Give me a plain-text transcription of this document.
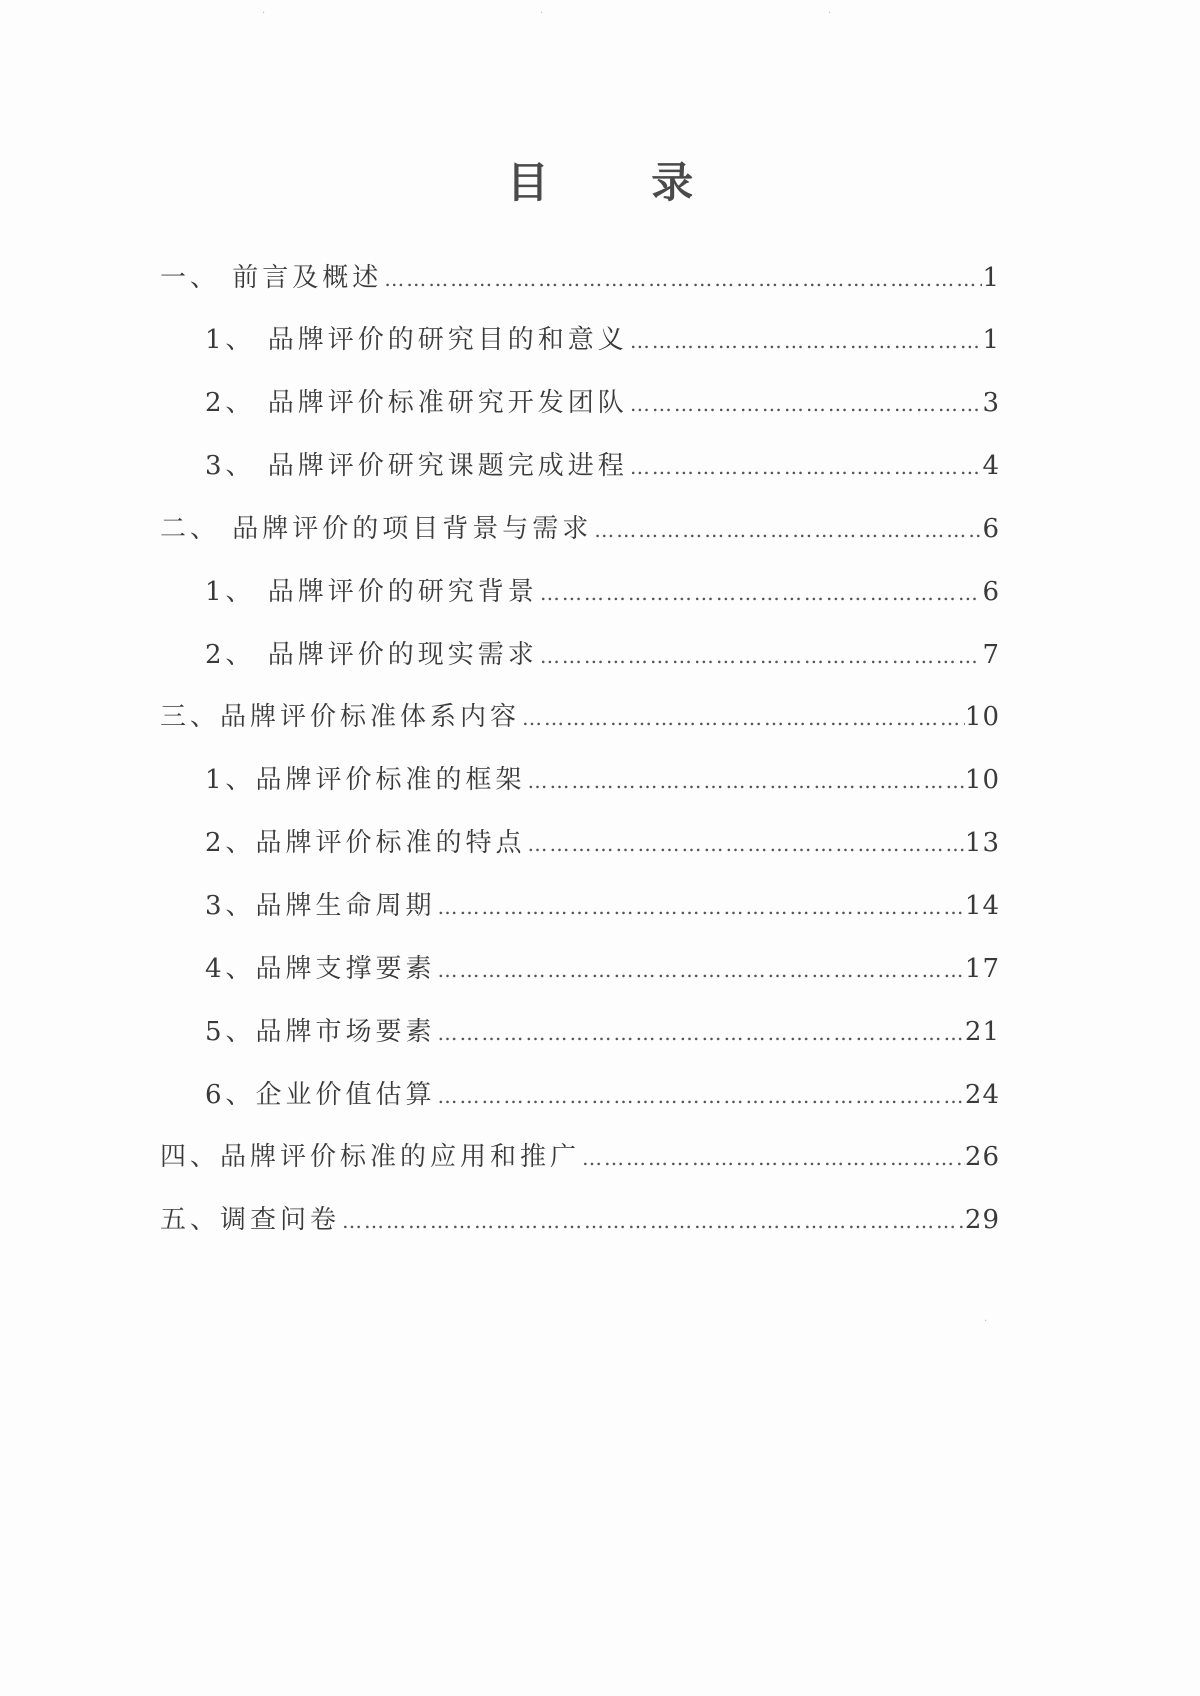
目 录
一、 前言及概述 …………………………………………………………………………………………………………………………………………………………………………………………	1
1、 品牌评价的研究目的和意义 …………………………………………………………………………………………………………………………………………………………………………………………	1
2、 品牌评价标准研究开发团队 …………………………………………………………………………………………………………………………………………………………………………………………	3
3、 品牌评价研究课题完成进程 …………………………………………………………………………………………………………………………………………………………………………………………	4
二、 品牌评价的项目背景与需求 …………………………………………………………………………………………………………………………………………………………………………………………	6
1、 品牌评价的研究背景 …………………………………………………………………………………………………………………………………………………………………………………………	6
2、 品牌评价的现实需求 …………………………………………………………………………………………………………………………………………………………………………………………	7
三、品牌评价标准体系内容 …………………………………………………………………………………………………………………………………………………………………………………………	10
1、品牌评价标准的框架 …………………………………………………………………………………………………………………………………………………………………………………………	10
2、品牌评价标准的特点 …………………………………………………………………………………………………………………………………………………………………………………………	13
3、品牌生命周期 …………………………………………………………………………………………………………………………………………………………………………………………	14
4、品牌支撑要素 …………………………………………………………………………………………………………………………………………………………………………………………	17
5、品牌市场要素 …………………………………………………………………………………………………………………………………………………………………………………………	21
6、企业价值估算 …………………………………………………………………………………………………………………………………………………………………………………………	24
四、品牌评价标准的应用和推广 …………………………………………………………………………………………………………………………………………………………………………………………	26
五、调查问卷 …………………………………………………………………………………………………………………………………………………………………………………………	29
·	·	·
·
